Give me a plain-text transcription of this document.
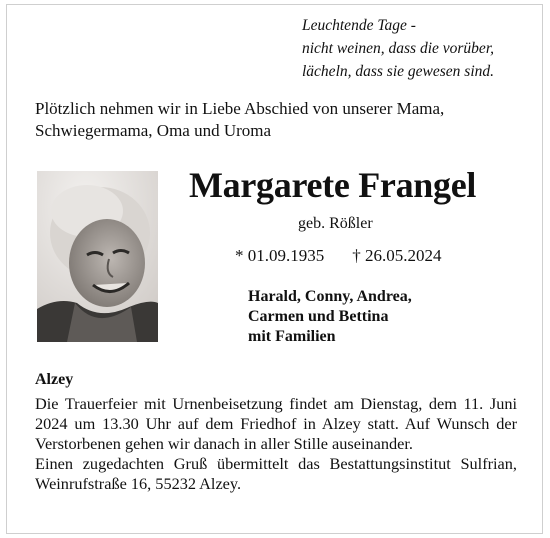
Leuchtende Tage -
nicht weinen, dass die vorüber,
lächeln, dass sie gewesen sind.
Plötzlich nehmen wir in Liebe Abschied von unserer Mama,
Schwiegermama, Oma und Uroma
Margarete Frangel
geb. Rößler
* 01.09.1935 † 26.05.2024
Harald, Conny, Andrea,
Carmen und Bettina
mit Familien
Alzey

Die Trauerfeier mit Urnenbeisetzung findet am Dienstag, dem 11. Juni 2024 um 13.30 Uhr auf dem Friedhof in Alzey statt. Auf Wunsch der Verstorbenen gehen wir danach in aller Stille auseinander.

Einen zugedachten Gruß übermittelt das Bestattungsinstitut Sulfrian, Weinrufstraße 16, 55232 Alzey.
